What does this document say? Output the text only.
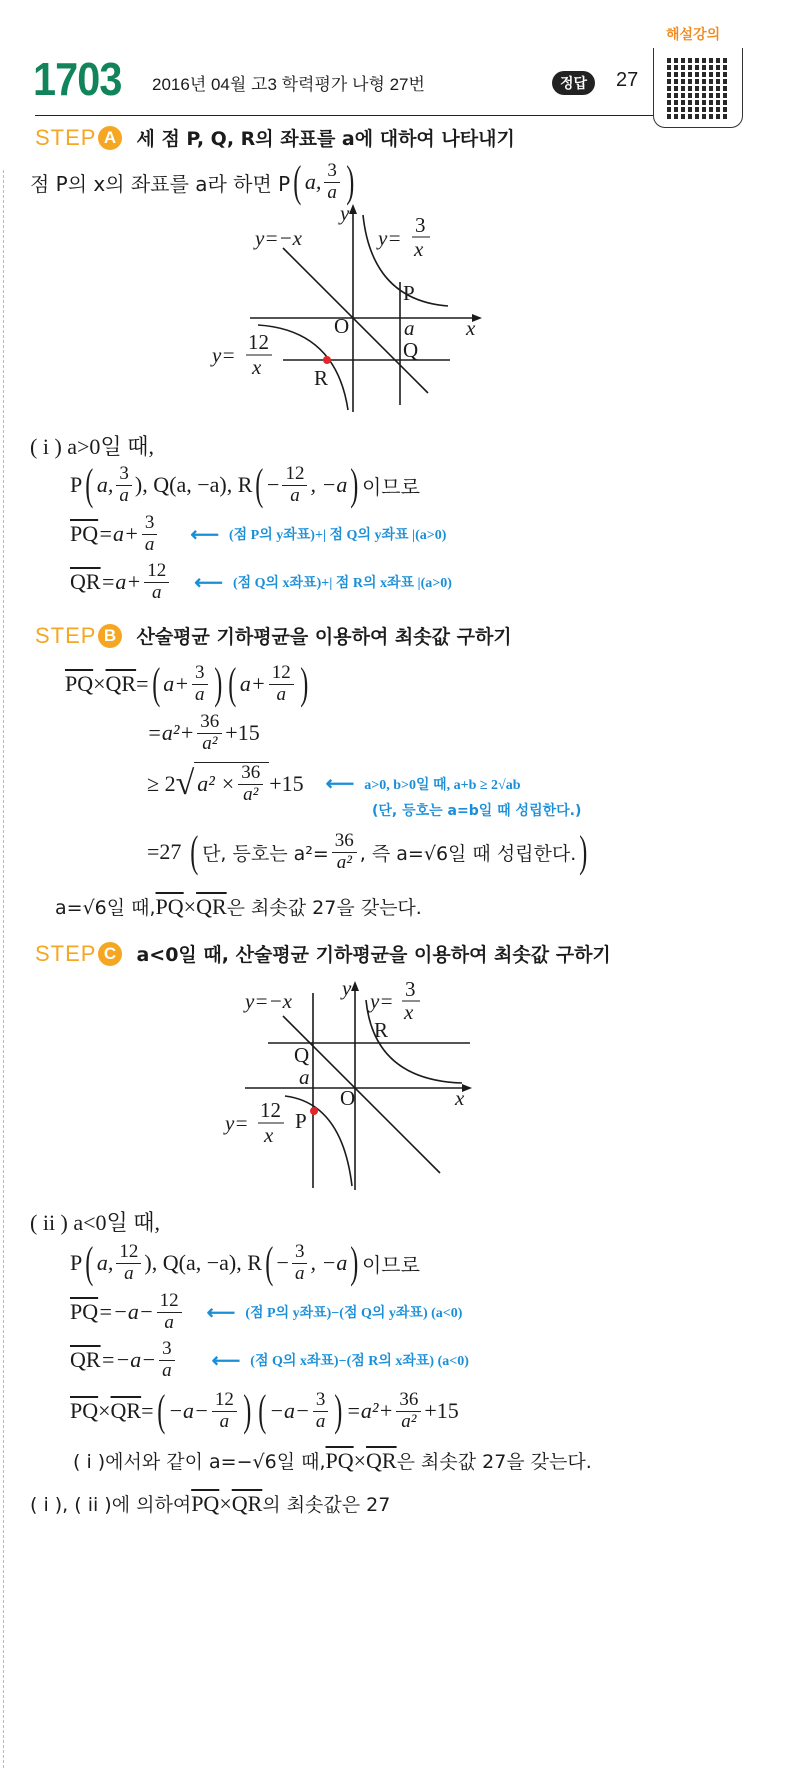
1703 2016년 04월 고3 학력평가 나형 27번	정답	27
해설강의
STEP A 세 점 P, Q, R의 좌표를 a에 대하여 나타내기
점 P의 x의 좌표를 a라 하면 P ( a, $\frac{3}{a}$ )
y=−x
y
y=
3
x
P
O	a x
Q
R
y=
12
x
( i ) a>0일 때,
P ( a, $\frac{3}{a}$ ), Q(a, −a), R ( − $\frac{12}{a}$ , −a ) 이므로
$\overline{PQ} =a+ \frac{3}{a}$ ⟵ (점 P의 y좌표)+| 점 Q의 y좌표 |(a>0)
$\overline{QR} =a+ \frac{12}{a}$ ⟵ (점 Q의 x좌표)+| 점 R의 x좌표 |(a>0)
STEP B 산술평균 기하평균을 이용하여 최솟값 구하기
$\overline{PQ} \times \overline{QR}$ = ( $a+ \frac{3}{a}$ ) ( $a+ \frac{12}{a}$ )
$=a^2+ \frac{36}{\text{a²}} +15$
≥ 2 √ $a^2 \times \frac{36}{\text{a²}} +15$ ⟵ a>0, b>0일 때, a+b ≥ 2√ab
(단, 등호는 a=b일 때 성립한다.)
=27 ( 단, 등호는 $a^2= \frac{36}{\text{a²}}$ , 즉 a=√6일 때 성립한다. )
a=√6일 때, $\overline{PQ} \times \overline{QR}$ 은 최솟값 27을 갖는다.
STEP C a<0일 때, 산술평균 기하평균을 이용하여 최솟값 구하기
y=−x
y
y= 3
x
R
Q
a
O	x
P
y=
12
x
( ii ) a<0일 때,
P ( a, $\frac{12}{a}$ ), Q(a, −a), R ( − $\frac{3}{a}$ , −a ) 이므로
$\overline{PQ} =-a- \frac{12}{a}$ ⟵ (점 P의 y좌표)−(점 Q의 y좌표) (a<0)
$\overline{QR} =-a- \frac{3}{a}$ ⟵ (점 Q의 x좌표)−(점 R의 x좌표) (a<0)
$\overline{PQ} \times \overline{QR}$ = ( $-a- \frac{12}{a}$ ) ( $-a- \frac{3}{a}$ ) $=a^2+ \frac{36}{\text{a²}} +15$
( i )에서와 같이 a=−√6일 때, $\overline{PQ} \times \overline{QR}$ 은 최솟값 27을 갖는다.
( i ), ( ii )에 의하여 $\overline{PQ} \times \overline{QR}$ 의 최솟값은 27
